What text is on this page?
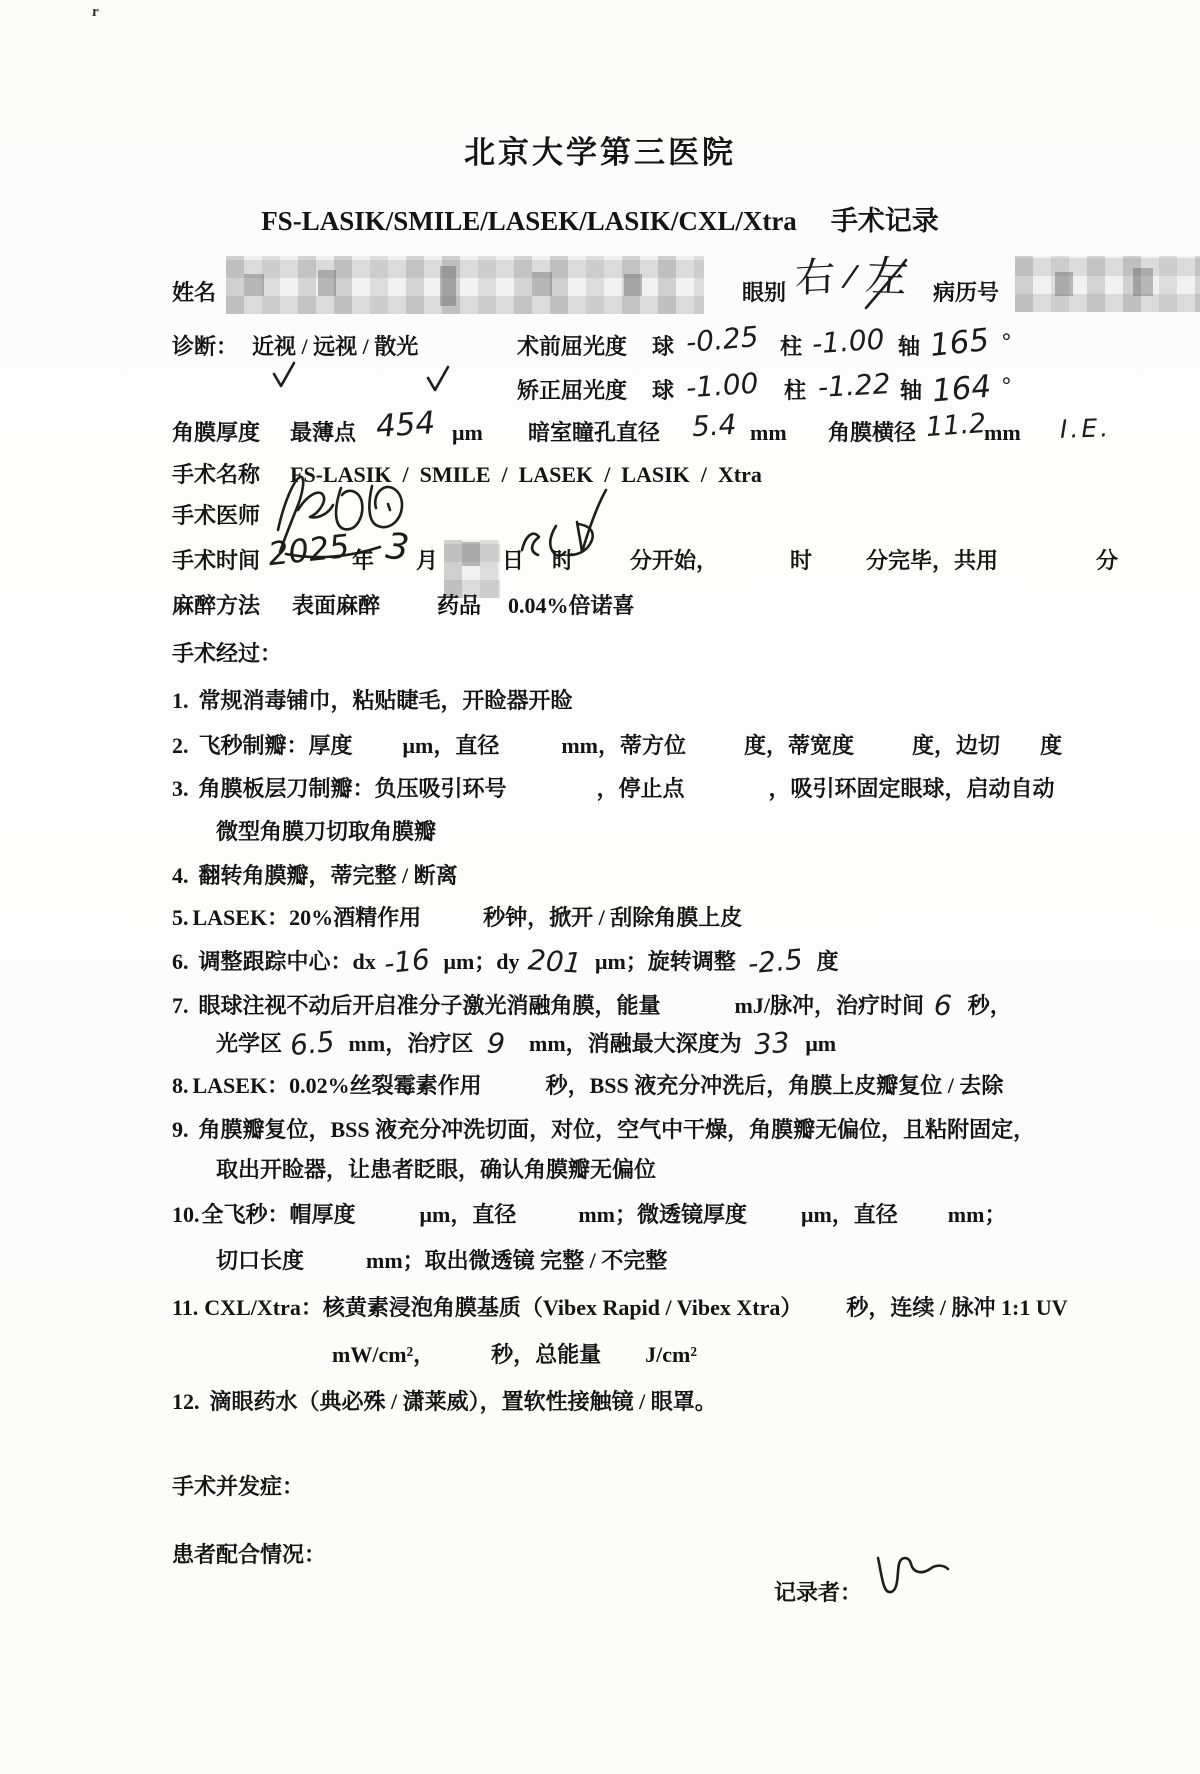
r
北京大学第三医院
FS-LASIK/SMILE/LASEK/LASIK/CXL/Xtra 手术记录
姓名	眼别 右 / 左 病历号
诊断： 近视 / 远视 / 散光	术前屈光度 球 -0.25 柱 -1.00 轴 165 °
矫正屈光度 球 -1.00 柱 -1.22 轴 164 °
角膜厚度 最薄点 454 μm 暗室瞳孔直径 5.4 mm 角膜横径 11.2
mm I.E.
手术名称 FS-LASIK  /  SMILE  /  LASEK  /  LASIK  /  Xtra
手术医师
手术时间 2025 年 3 月	日 时	分开始，	时 分完毕，共用	分
麻醉方法 表面麻醉	药品 0.04%倍诺喜
手术经过：
1. 常规消毒铺巾，粘贴睫毛，开睑器开睑
2. 飞秒制瓣：厚度 μm，直径	mm，蒂方位	度，蒂宽度	度，边切 度
3. 角膜板层刀制瓣：负压吸引环号	，停止点	，吸引环固定眼球，启动自动
微型角膜刀切取角膜瓣
4. 翻转角膜瓣，蒂完整 / 断离
5. LASEK：20%酒精作用	秒钟，掀开 / 刮除角膜上皮
6. 调整跟踪中心：dx -16 μm；dy 201 μm；旋转调整 -2.5 度
7. 眼球注视不动后开启准分子激光消融角膜，能量	mJ/脉冲，治疗时间 6 秒，
光学区 6.5 mm，治疗区 9 mm，消融最大深度为 33 μm
8. LASEK：0.02%丝裂霉素作用	秒，BSS 液充分冲洗后，角膜上皮瓣复位 / 去除
9. 角膜瓣复位，BSS 液充分冲洗切面，对位，空气中干燥，角膜瓣无偏位，且粘附固定，
取出开睑器，让患者眨眼，确认角膜瓣无偏位
10. 全飞秒：帽厚度	μm，直径	mm；微透镜厚度 μm，直径 mm；
切口长度	mm；取出微透镜 完整 / 不完整
11. CXL/Xtra：核黄素浸泡角膜基质（Vibex Rapid / Vibex Xtra） 秒，连续 / 脉冲 1:1 UV
mW/cm²，	秒，总能量 J/cm²
12. 滴眼药水（典必殊 / 潇莱威），置软性接触镜 / 眼罩。
手术并发症：
患者配合情况：
记录者：
